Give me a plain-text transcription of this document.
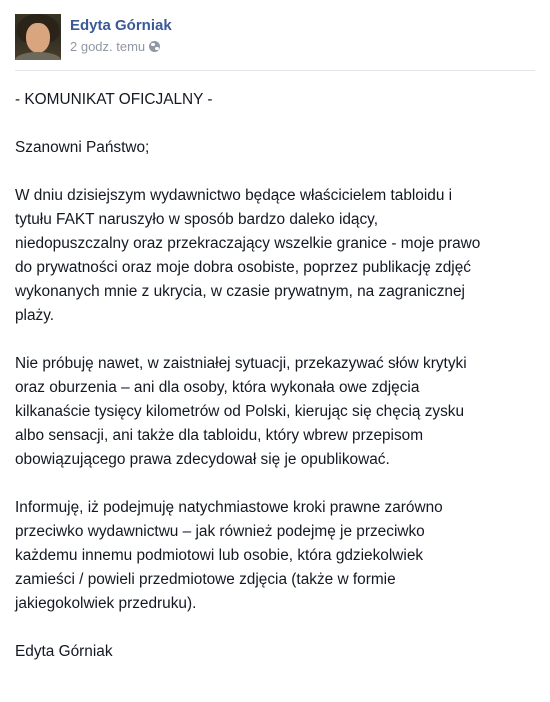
Edyta Górniak
2 godz. temu

- KOMUNIKAT OFICJALNY -

Szanowni Państwo;

W dniu dzisiejszym wydawnictwo będące właścicielem tabloidu i

tytułu FAKT naruszyło w sposób bardzo daleko idący,

niedopuszczalny oraz przekraczający wszelkie granice - moje prawo

do prywatności oraz moje dobra osobiste, poprzez publikację zdjęć

wykonanych mnie z ukrycia, w czasie prywatnym, na zagranicznej

plaży.

Nie próbuję nawet, w zaistniałej sytuacji, przekazywać słów krytyki

oraz oburzenia – ani dla osoby, która wykonała owe zdjęcia

kilkanaście tysięcy kilometrów od Polski, kierując się chęcią zysku

albo sensacji, ani także dla tabloidu, który wbrew przepisom

obowiązującego prawa zdecydował się je opublikować.

Informuję, iż podejmuję natychmiastowe kroki prawne zarówno

przeciwko wydawnictwu – jak również podejmę je przeciwko

każdemu innemu podmiotowi lub osobie, która gdziekolwiek

zamieści / powieli przedmiotowe zdjęcia (także w formie

jakiegokolwiek przedruku).

Edyta Górniak
